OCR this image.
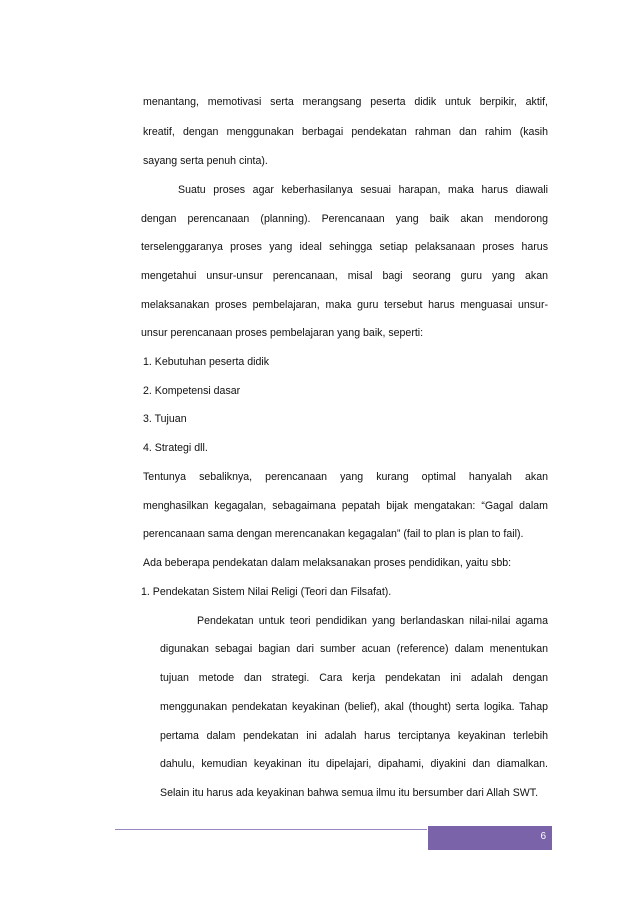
menantang, memotivasi serta merangsang peserta didik untuk berpikir, aktif,
kreatif, dengan menggunakan berbagai pendekatan rahman dan rahim (kasih
sayang serta penuh cinta).
Suatu proses agar keberhasilanya sesuai harapan, maka harus diawali
dengan perencanaan (planning). Perencanaan yang baik akan mendorong
terselenggaranya proses yang ideal sehingga setiap pelaksanaan proses harus
mengetahui unsur-unsur perencanaan, misal bagi seorang guru yang akan
melaksanakan proses pembelajaran, maka guru tersebut harus menguasai unsur-
unsur perencanaan proses pembelajaran yang baik, seperti:
1. Kebutuhan peserta didik
2. Kompetensi dasar
3. Tujuan
4. Strategi dll.
Tentunya sebaliknya, perencanaan yang kurang optimal hanyalah akan
menghasilkan kegagalan, sebagaimana pepatah bijak mengatakan: “Gagal dalam
perencanaan sama dengan merencanakan kegagalan” (fail to plan is plan to fail).
Ada beberapa pendekatan dalam melaksanakan proses pendidikan, yaitu sbb:
1. Pendekatan Sistem Nilai Religi (Teori dan Filsafat).
Pendekatan untuk teori pendidikan yang berlandaskan nilai-nilai agama
digunakan sebagai bagian dari sumber acuan (reference) dalam menentukan
tujuan metode dan strategi. Cara kerja pendekatan ini adalah dengan
menggunakan pendekatan keyakinan (belief), akal (thought) serta logika. Tahap
pertama dalam pendekatan ini adalah harus terciptanya keyakinan terlebih
dahulu, kemudian keyakinan itu dipelajari, dipahami, diyakini dan diamalkan.
Selain itu harus ada keyakinan bahwa semua ilmu itu bersumber dari Allah SWT.
6
